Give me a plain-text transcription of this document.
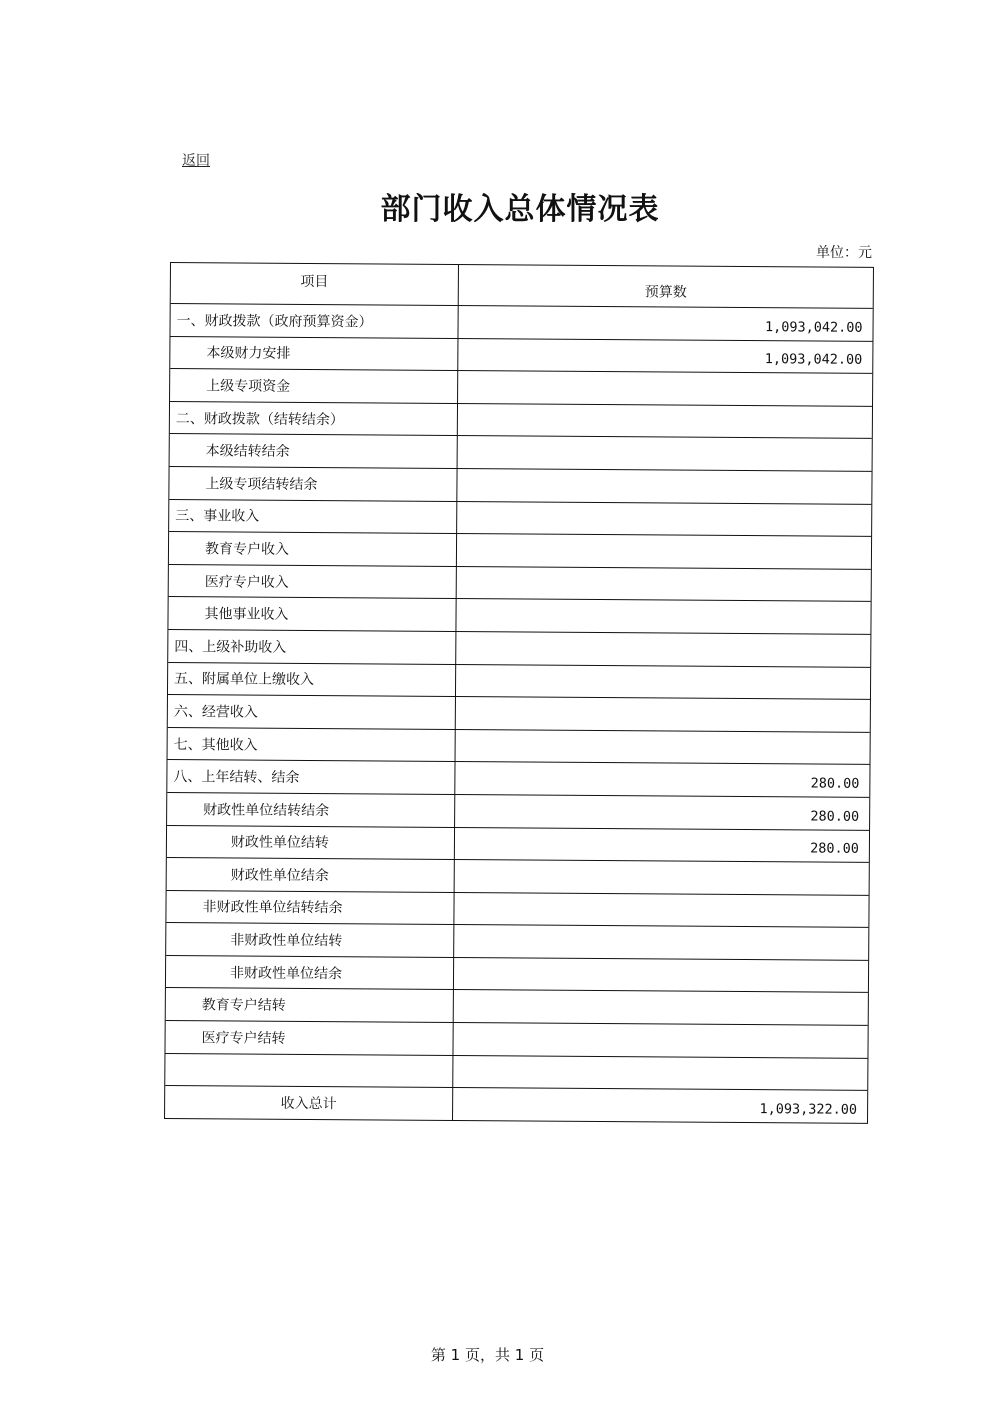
返回
部门收入总体情况表
单位：元
项目
预算数
一、财政拨款（政府预算资金）	1,093,042.00
本级财力安排	1,093,042.00
上级专项资金
二、财政拨款（结转结余）
本级结转结余
上级专项结转结余
三、事业收入
教育专户收入
医疗专户收入
其他事业收入
四、上级补助收入
五、附属单位上缴收入
六、经营收入
七、其他收入
八、上年结转、结余	280.00
财政性单位结转结余	280.00
财政性单位结转	280.00
财政性单位结余
非财政性单位结转结余
非财政性单位结转
非财政性单位结余
教育专户结转
医疗专户结转
收入总计	1,093,322.00
第 1 页，共 1 页
